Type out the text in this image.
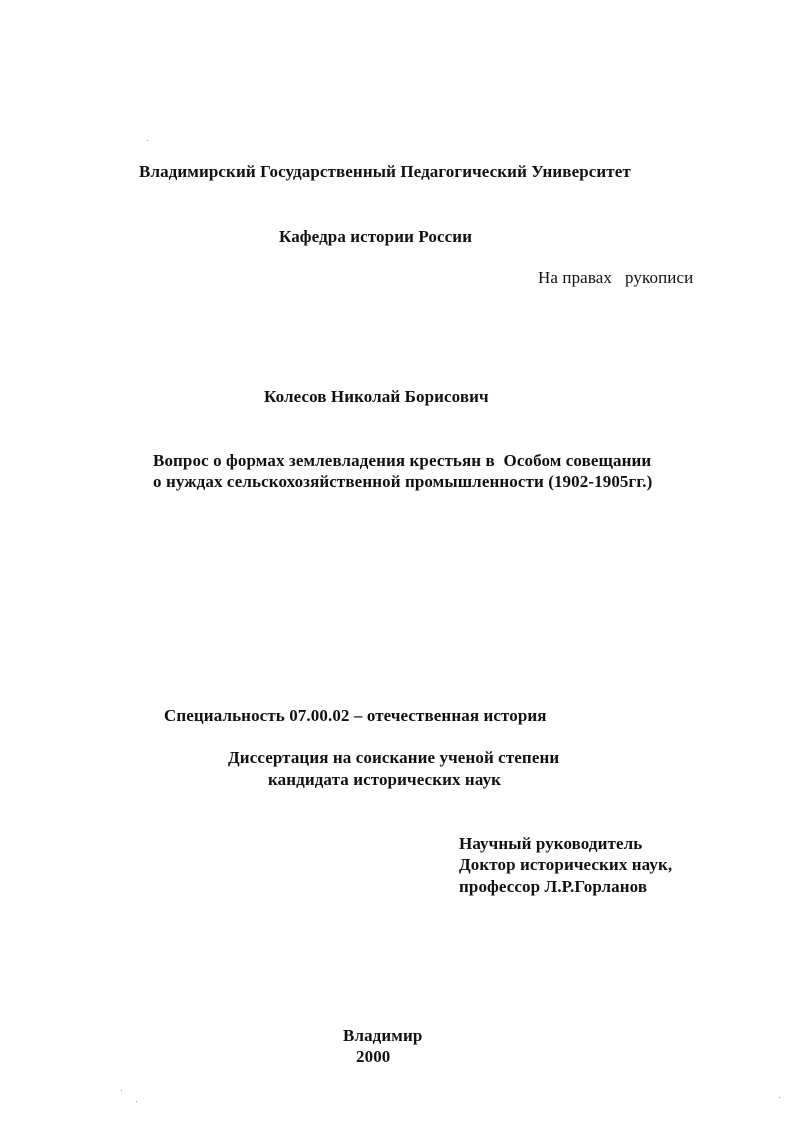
Владимирский Государственный Педагогический Университет
Кафедра истории России
На правах   рукописи
Колесов Николай Борисович
Вопрос о формах землевладения крестьян в  Особом совещании
о нуждах сельскохозяйственной промышленности (1902-1905гг.)
Специальность 07.00.02 – отечественная история
Диссертация на соискание ученой степени
кандидата исторических наук
Научный руководитель
Доктор исторических наук,
профессор Л.Р.Горланов
Владимир
2000
